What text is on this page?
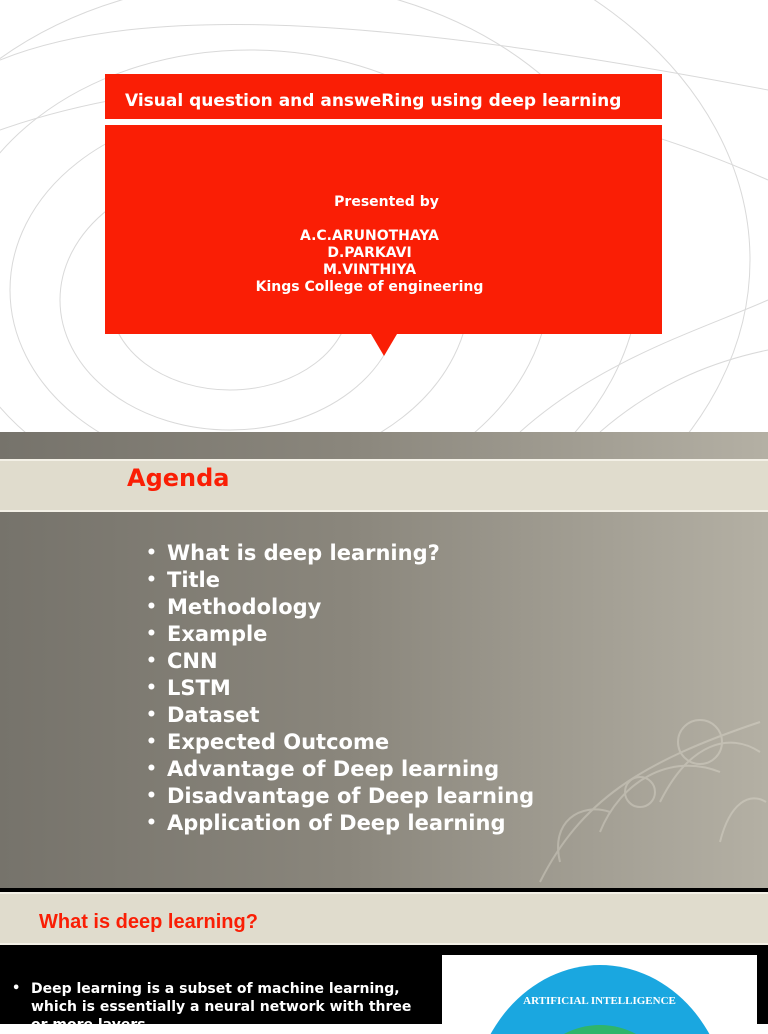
Visual question and answeRing using deep learning
Presented by
A.C.ARUNOTHAYA
D.PARKAVI
M.VINTHIYA
Kings College of engineering
Agenda
• What is deep learning?
• Title
• Methodology
• Example
• CNN
• LSTM
• Dataset
• Expected Outcome
• Advantage of Deep learning
• Disadvantage of Deep learning
• Application of Deep learning
What is deep learning?
• Deep learning is a subset of machine learning, which is essentially a neural network with three or more layers.
ARTIFICIAL INTELLIGENCE
